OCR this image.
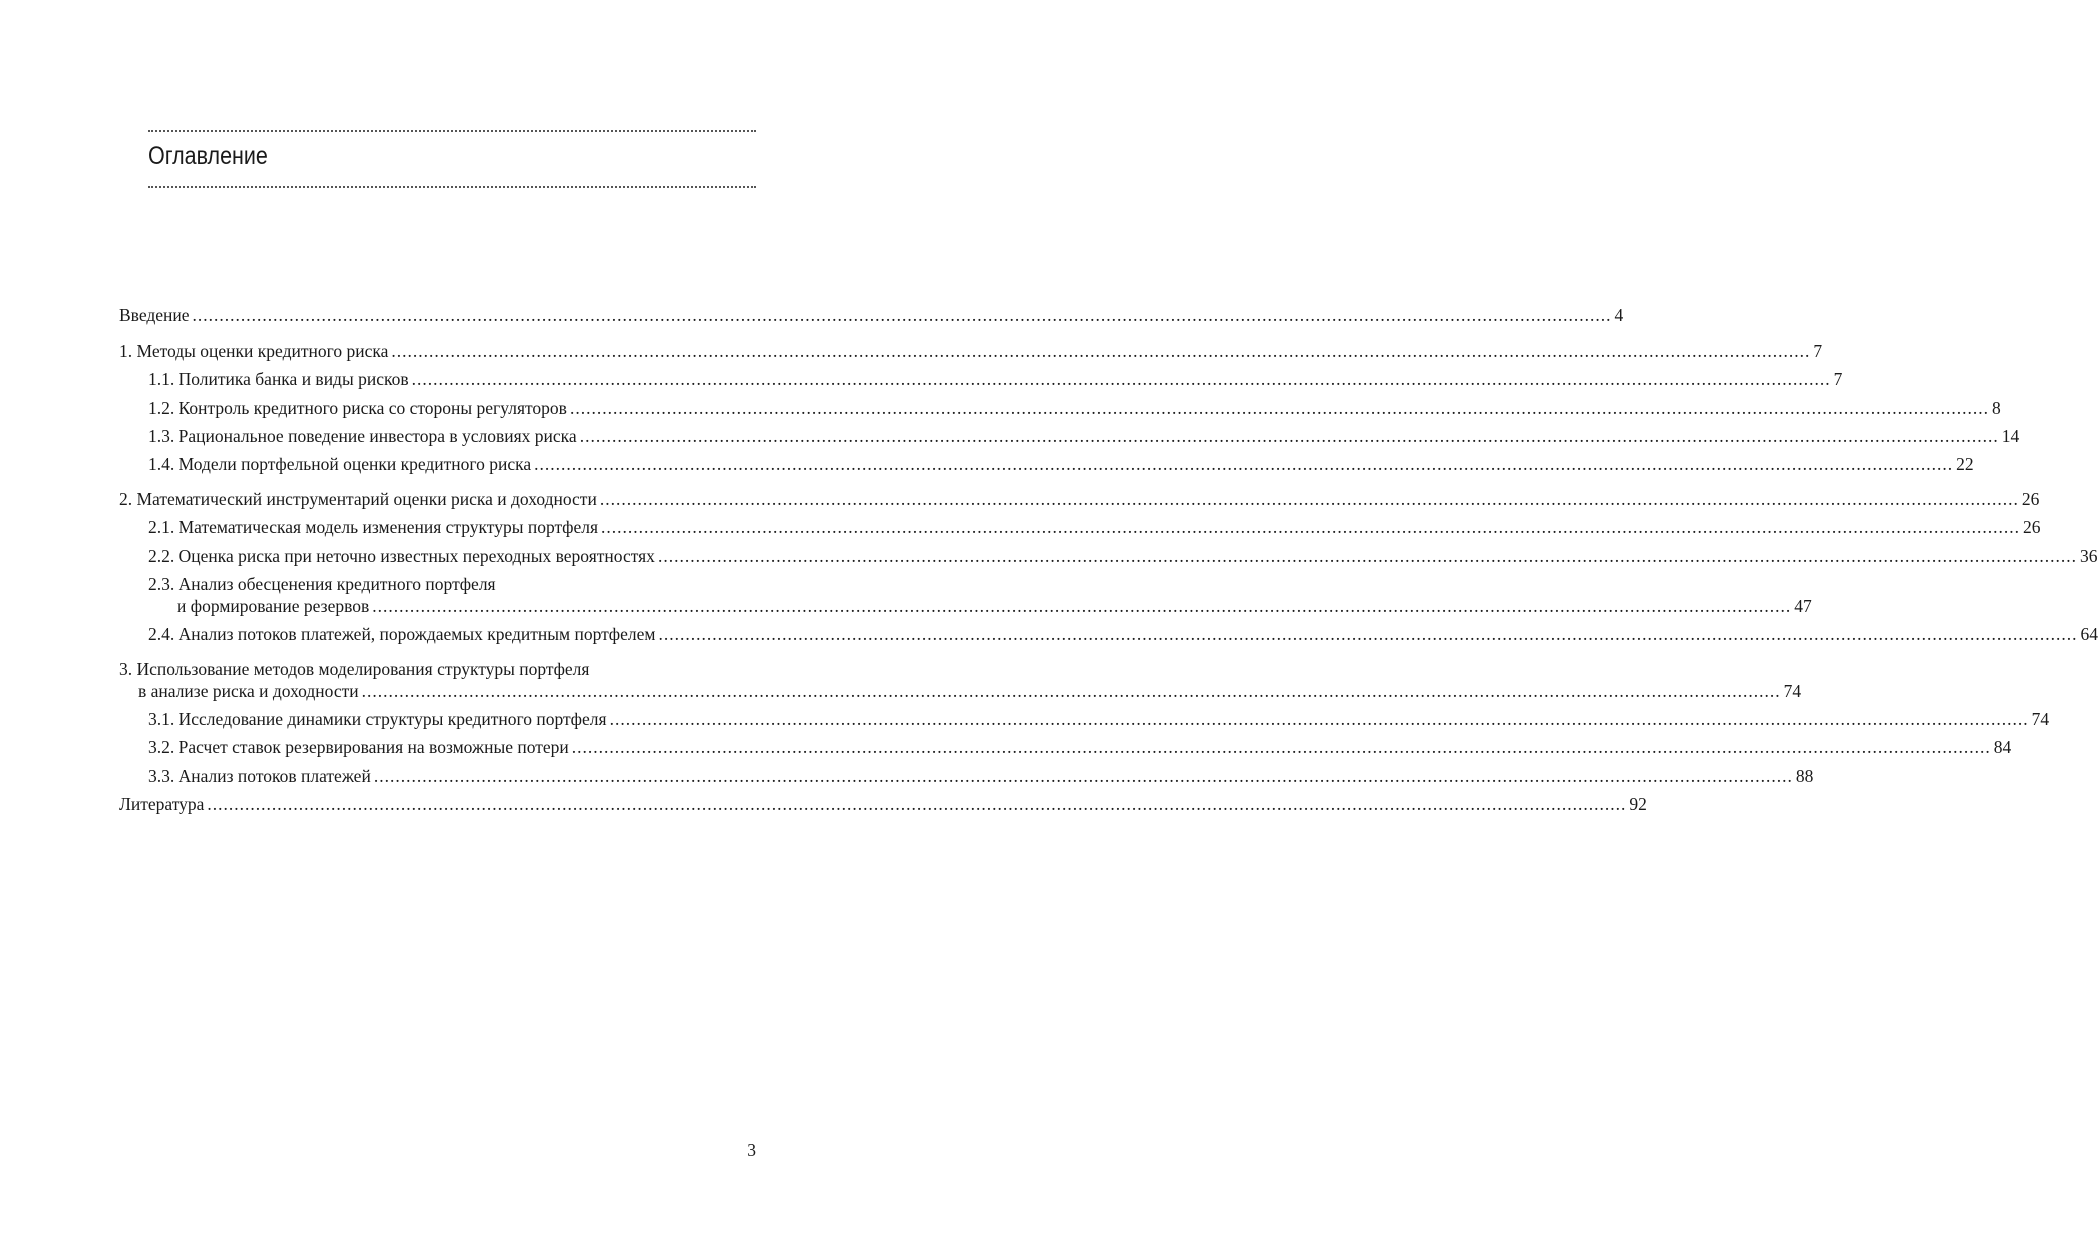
Оглавление
Введение ........................................................................................................................................................................................................................................................................ 4
1. Методы оценки кредитного риска ........................................................................................................................................................................................................................................................................ 7
1.1. Политика банка и виды рисков ........................................................................................................................................................................................................................................................................ 7
1.2. Контроль кредитного риска со стороны регуляторов ........................................................................................................................................................................................................................................................................ 8
1.3. Рациональное поведение инвестора в условиях риска ........................................................................................................................................................................................................................................................................ 14
1.4. Модели портфельной оценки кредитного риска ........................................................................................................................................................................................................................................................................ 22
2. Математический инструментарий оценки риска и доходности ........................................................................................................................................................................................................................................................................ 26
2.1. Математическая модель изменения структуры портфеля ........................................................................................................................................................................................................................................................................ 26
2.2. Оценка риска при неточно известных переходных вероятностях ........................................................................................................................................................................................................................................................................ 36
2.3. Анализ обесценения кредитного портфеля
и формирование резервов ........................................................................................................................................................................................................................................................................ 47
2.4. Анализ потоков платежей, порождаемых кредитным портфелем ........................................................................................................................................................................................................................................................................ 64
3. Использование методов моделирования структуры портфеля
в анализе риска и доходности ........................................................................................................................................................................................................................................................................ 74
3.1. Исследование динамики структуры кредитного портфеля ........................................................................................................................................................................................................................................................................ 74
3.2. Расчет ставок резервирования на возможные потери ........................................................................................................................................................................................................................................................................ 84
3.3. Анализ потоков платежей ........................................................................................................................................................................................................................................................................ 88
Литература ........................................................................................................................................................................................................................................................................ 92
3
